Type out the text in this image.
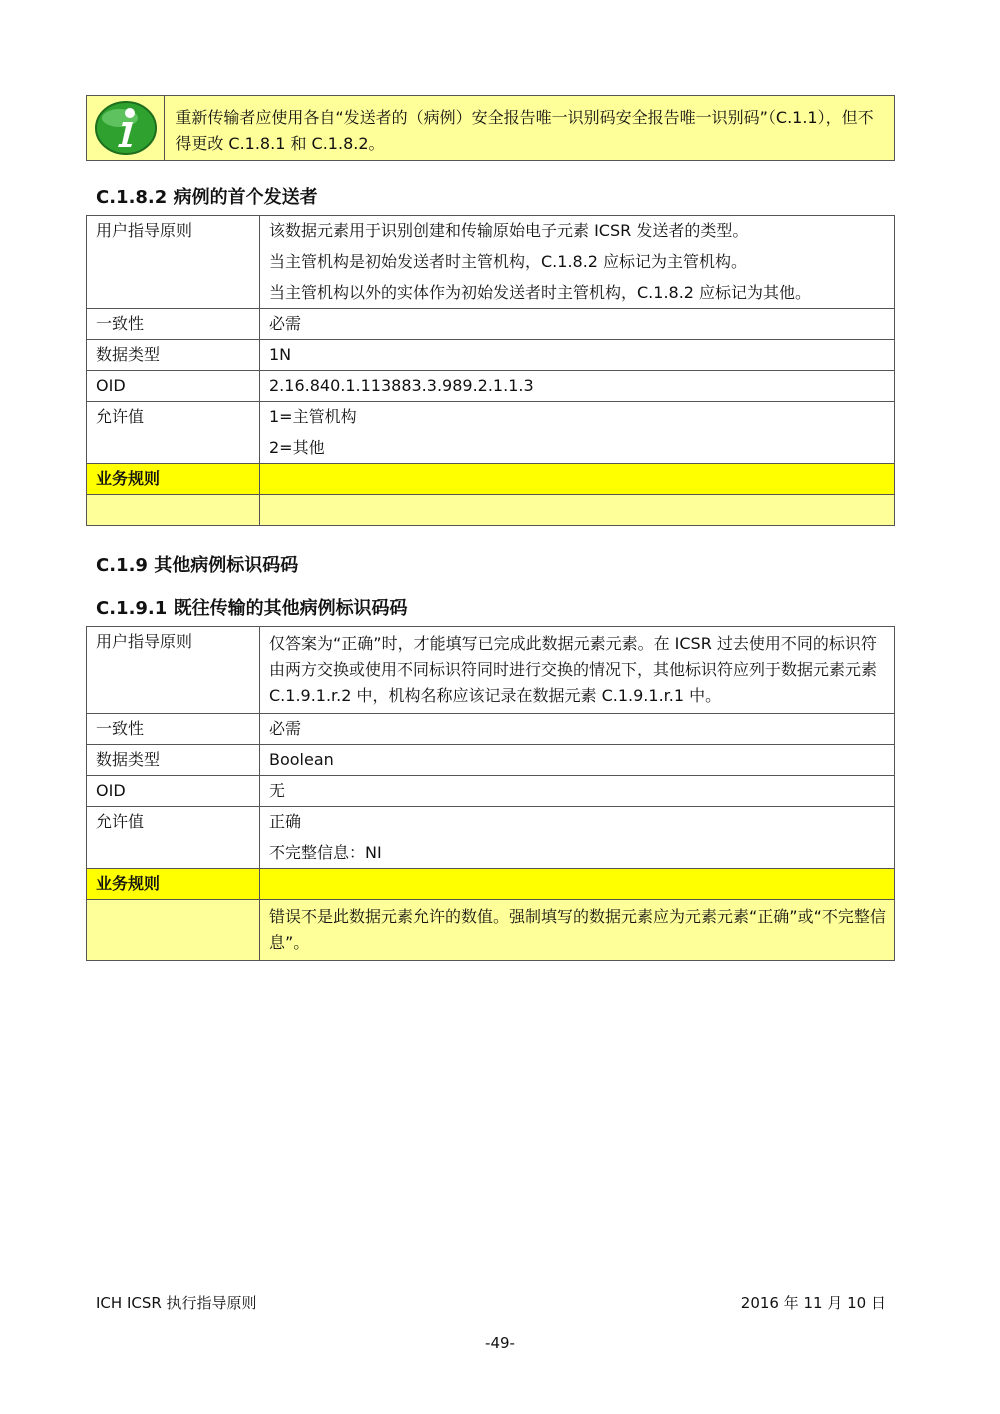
重新传输者应使用各自“发送者的（病例）安全报告唯一识别码安全报告唯一识别码”（C.1.1），但不得更改 C.1.8.1 和 C.1.8.2。
C.1.8.2 病例的首个发送者
用户指导原则	该数据元素用于识别创建和传输原始电子元素 ICSR 发送者的类型。
当主管机构是初始发送者时主管机构，C.1.8.2 应标记为主管机构。
当主管机构以外的实体作为初始发送者时主管机构，C.1.8.2 应标记为其他。

一致性	必需
数据类型	1N
OID	2.16.840.1.113883.3.989.2.1.1.3
允许值	1=主管机构
2=其他

业务规则	

C.1.9 其他病例标识码码
C.1.9.1 既往传输的其他病例标识码码
用户指导原则	仅答案为“正确”时，才能填写已完成此数据元素元素。在 ICSR 过去使用不同的标识符由两方交换或使用不同标识符同时进行交换的情况下，其他标识符应列于数据元素元素 C.1.9.1.r.2 中，机构名称应该记录在数据元素 C.1.9.1.r.1 中。

一致性	必需
数据类型	Boolean
OID	无
允许值	正确
不完整信息：NI

业务规则	

	错误不是此数据元素允许的数值。强制填写的数据元素应为元素元素“正确”或“不完整信息”。
ICH ICSR 执行指导原则	2016 年 11 月 10 日
-49-
